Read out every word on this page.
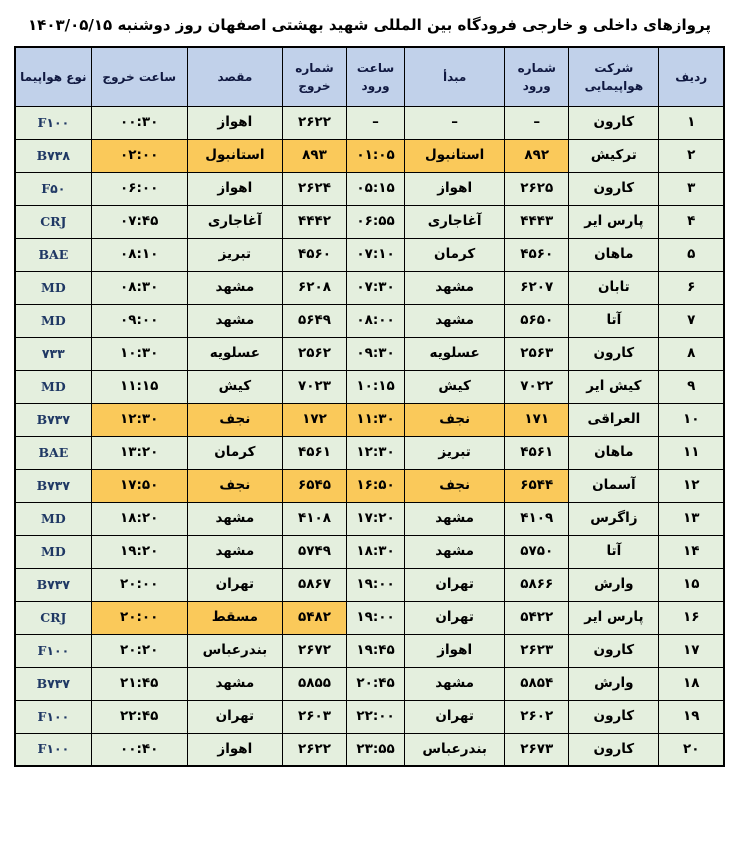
پروازهای داخلی و خارجی فرودگاه بین المللی شهید بهشتی اصفهان روز دوشنبه ۱۴۰۳/۰۵/۱۵
ردیف	شرکت هواپیمایی	شماره ورود	مبدأ	ساعت ورود	شماره خروج	مقصد	ساعت خروج	نوع هواپیما
۱	کارون	–	–	–	۲۶۲۲	اهواز	۰۰:۳۰	F۱۰۰
۲	ترکیش	۸۹۲	استانبول	۰۱:۰۵	۸۹۳	استانبول	۰۲:۰۰	B۷۳۸
۳	کارون	۲۶۲۵	اهواز	۰۵:۱۵	۲۶۲۴	اهواز	۰۶:۰۰	F۵۰
۴	پارس ایر	۴۴۴۳	آغاجاری	۰۶:۵۵	۴۴۴۲	آغاجاری	۰۷:۴۵	CRJ
۵	ماهان	۴۵۶۰	کرمان	۰۷:۱۰	۴۵۶۰	تبریز	۰۸:۱۰	BAE
۶	تابان	۶۲۰۷	مشهد	۰۷:۳۰	۶۲۰۸	مشهد	۰۸:۳۰	MD
۷	آتا	۵۶۵۰	مشهد	۰۸:۰۰	۵۶۴۹	مشهد	۰۹:۰۰	MD
۸	کارون	۲۵۶۳	عسلویه	۰۹:۳۰	۲۵۶۲	عسلویه	۱۰:۳۰	۷۳۳
۹	کیش ایر	۷۰۲۲	کیش	۱۰:۱۵	۷۰۲۳	کیش	۱۱:۱۵	MD
۱۰	العراقی	۱۷۱	نجف	۱۱:۳۰	۱۷۲	نجف	۱۲:۳۰	B۷۳۷
۱۱	ماهان	۴۵۶۱	تبریز	۱۲:۳۰	۴۵۶۱	کرمان	۱۳:۲۰	BAE
۱۲	آسمان	۶۵۴۴	نجف	۱۶:۵۰	۶۵۴۵	نجف	۱۷:۵۰	B۷۳۷
۱۳	زاگرس	۴۱۰۹	مشهد	۱۷:۲۰	۴۱۰۸	مشهد	۱۸:۲۰	MD
۱۴	آتا	۵۷۵۰	مشهد	۱۸:۳۰	۵۷۴۹	مشهد	۱۹:۲۰	MD
۱۵	وارش	۵۸۶۶	تهران	۱۹:۰۰	۵۸۶۷	تهران	۲۰:۰۰	B۷۳۷
۱۶	پارس ایر	۵۴۲۲	تهران	۱۹:۰۰	۵۴۸۲	مسقط	۲۰:۰۰	CRJ
۱۷	کارون	۲۶۲۳	اهواز	۱۹:۴۵	۲۶۷۲	بندرعباس	۲۰:۲۰	F۱۰۰
۱۸	وارش	۵۸۵۴	مشهد	۲۰:۴۵	۵۸۵۵	مشهد	۲۱:۴۵	B۷۳۷
۱۹	کارون	۲۶۰۲	تهران	۲۲:۰۰	۲۶۰۳	تهران	۲۲:۴۵	F۱۰۰
۲۰	کارون	۲۶۷۳	بندرعباس	۲۳:۵۵	۲۶۲۲	اهواز	۰۰:۴۰	F۱۰۰
